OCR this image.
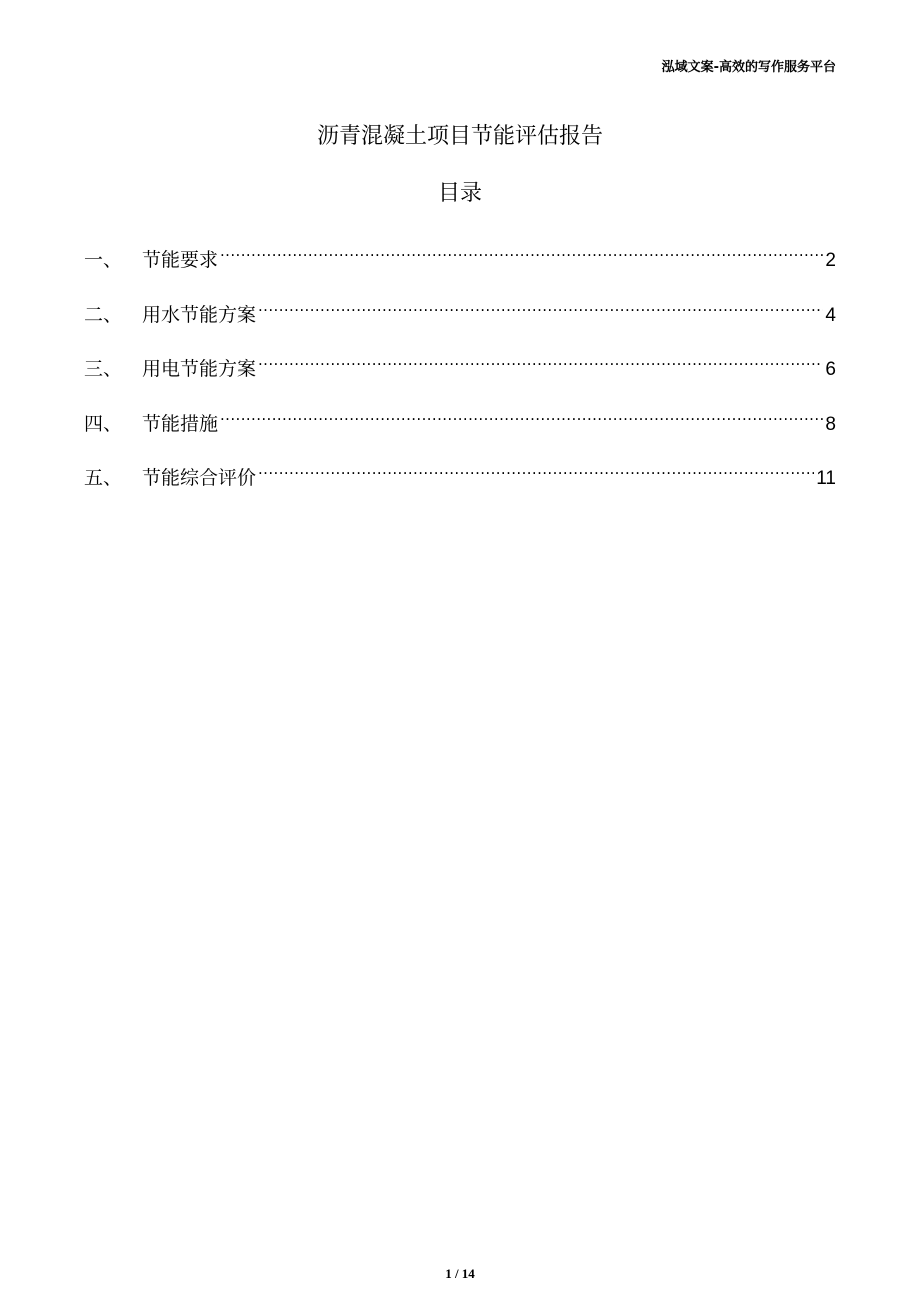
泓域文案-高效的写作服务平台
沥青混凝土项目节能评估报告
目录
一、	节能要求 .....	2
二、	用水节能方案 .....	4
三、	用电节能方案 .....	6
四、	节能措施 .....	8
五、	节能综合评价 .....	11
1 / 14
